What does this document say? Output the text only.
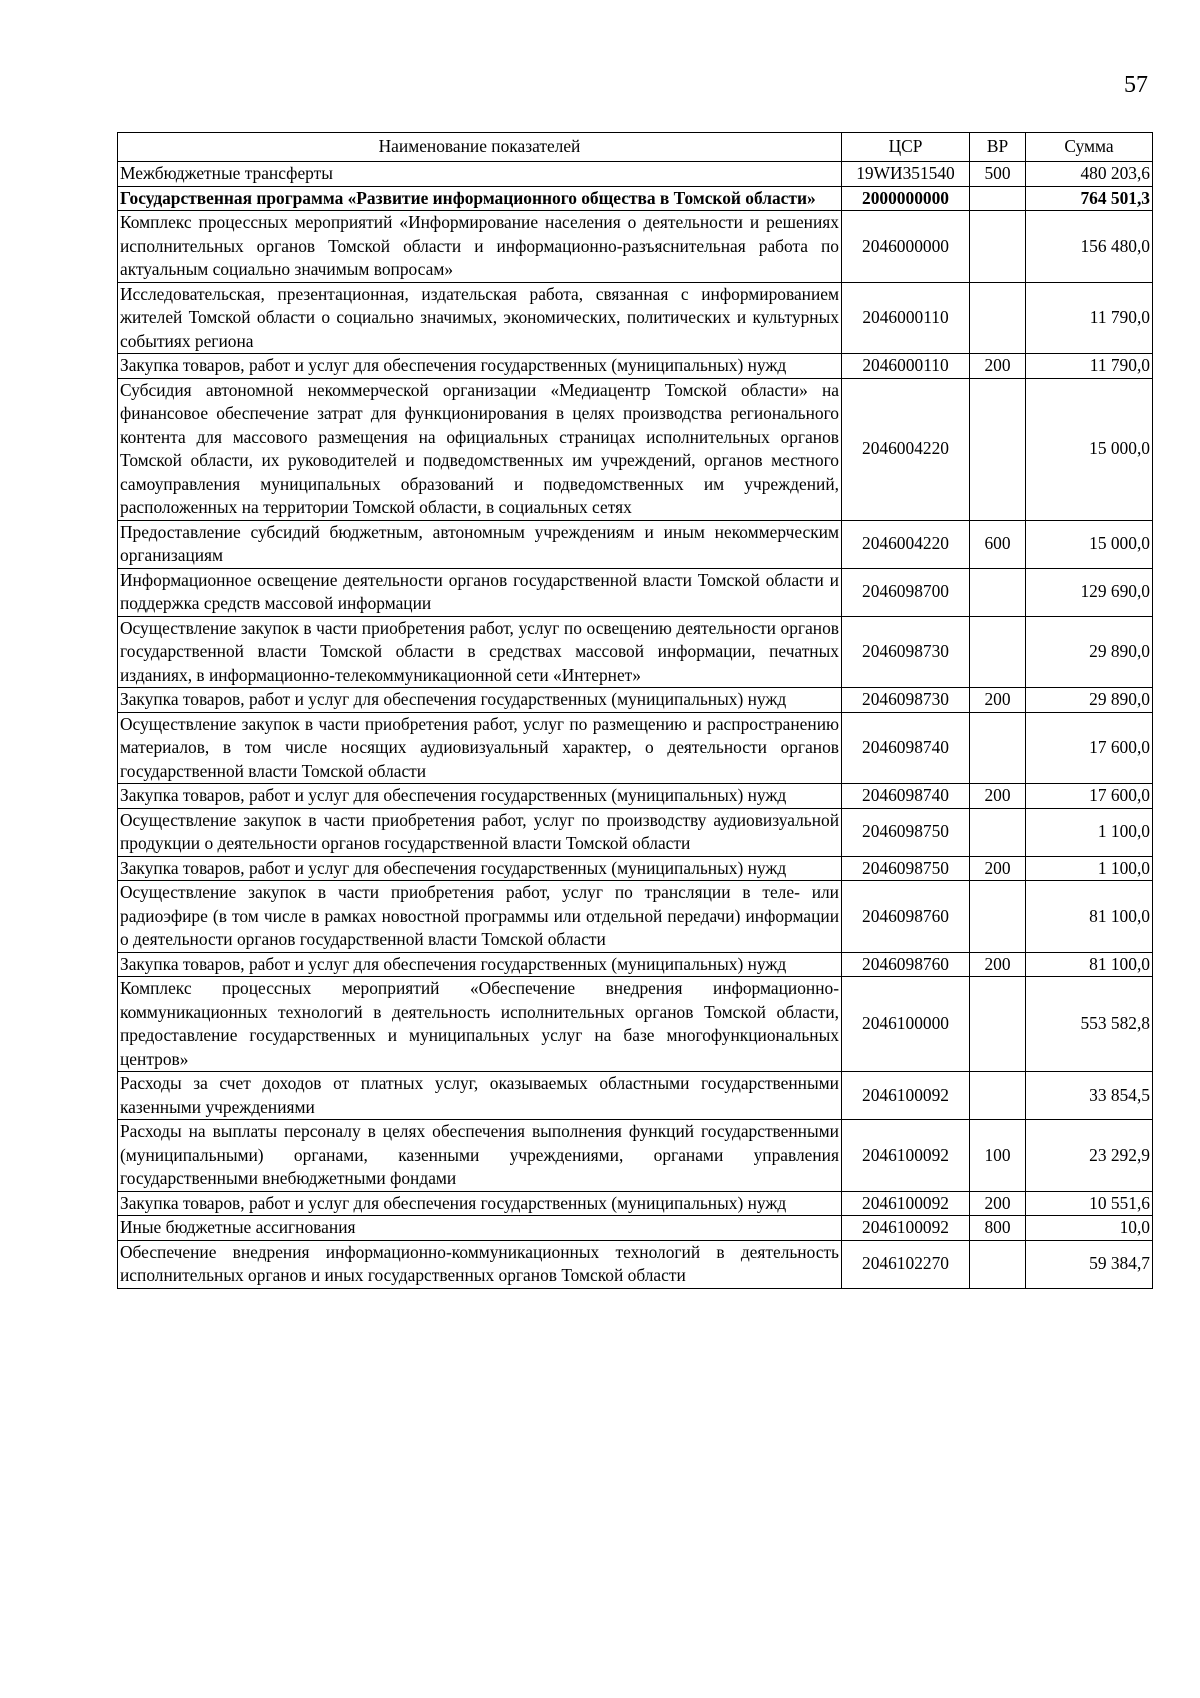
57
Наименование показателей	ЦСР	ВР	Сумма
Межбюджетные трансферты	19WИ351540	500	480 203,6
Государственная программа «Развитие информационного общества в Томской области»	2000000000		764 501,3
Комплекс процессных мероприятий «Информирование населения о деятельности и решениях исполнительных органов Томской области и информационно-разъяснительная работа по актуальным социально значимым вопросам»	2046000000		156 480,0
Исследовательская, презентационная, издательская работа, связанная с информированием жителей Томской области о социально значимых, экономических, политических и культурных событиях региона	2046000110		11 790,0
Закупка товаров, работ и услуг для обеспечения государственных (муниципальных) нужд	2046000110	200	11 790,0
Субсидия автономной некоммерческой организации «Медиацентр Томской области» на финансовое обеспечение затрат для функционирования в целях производства регионального контента для массового размещения на официальных страницах исполнительных органов Томской области, их руководителей и подведомственных им учреждений, органов местного самоуправления муниципальных образований и подведомственных им учреждений, расположенных на территории Томской области, в социальных сетях	2046004220		15 000,0
Предоставление субсидий бюджетным, автономным учреждениям и иным некоммерческим организациям	2046004220	600	15 000,0
Информационное освещение деятельности органов государственной власти Томской области и поддержка средств массовой информации	2046098700		129 690,0
Осуществление закупок в части приобретения работ, услуг по освещению деятельности органов государственной власти Томской области в средствах массовой информации, печатных изданиях, в информационно-телекоммуникационной сети «Интернет»	2046098730		29 890,0
Закупка товаров, работ и услуг для обеспечения государственных (муниципальных) нужд	2046098730	200	29 890,0
Осуществление закупок в части приобретения работ, услуг по размещению и распространению материалов, в том числе носящих аудиовизуальный характер, о деятельности органов государственной власти Томской области	2046098740		17 600,0
Закупка товаров, работ и услуг для обеспечения государственных (муниципальных) нужд	2046098740	200	17 600,0
Осуществление закупок в части приобретения работ, услуг по производству аудиовизуальной продукции о деятельности органов государственной власти Томской области	2046098750		1 100,0
Закупка товаров, работ и услуг для обеспечения государственных (муниципальных) нужд	2046098750	200	1 100,0
Осуществление закупок в части приобретения работ, услуг по трансляции в теле- или радиоэфире (в том числе в рамках новостной программы или отдельной передачи) информации о деятельности органов государственной власти Томской области	2046098760		81 100,0
Закупка товаров, работ и услуг для обеспечения государственных (муниципальных) нужд	2046098760	200	81 100,0
Комплекс процессных мероприятий «Обеспечение внедрения информационно-коммуникационных технологий в деятельность исполнительных органов Томской области, предоставление государственных и муниципальных услуг на базе многофункциональных центров»	2046100000		553 582,8
Расходы за счет доходов от платных услуг, оказываемых областными государственными казенными учреждениями	2046100092		33 854,5
Расходы на выплаты персоналу в целях обеспечения выполнения функций государственными (муниципальными) органами, казенными учреждениями, органами управления государственными внебюджетными фондами	2046100092	100	23 292,9
Закупка товаров, работ и услуг для обеспечения государственных (муниципальных) нужд	2046100092	200	10 551,6
Иные бюджетные ассигнования	2046100092	800	10,0
Обеспечение внедрения информационно-коммуникационных технологий в деятельность исполнительных органов и иных государственных органов Томской области	2046102270		59 384,7
